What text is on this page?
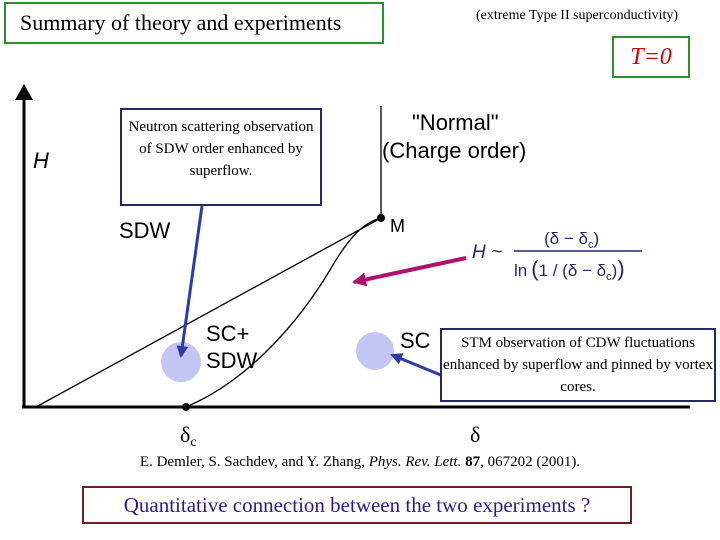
H
"Normal"
(Charge order)
SDW	M
SC+
SDW
SC
δc	δ
H ~
$(\delta - \delta_c)$
$\ln (1 / (\delta - \delta_c))$
Summary of theory and experiments	(extreme Type II superconductivity)
T=0
Neutron scattering observation of SDW order enhanced by superflow.
STM observation of CDW fluctuations enhanced by superflow and pinned by vortex cores.
E. Demler, S. Sachdev, and Y. Zhang, Phys. Rev. Lett. 87, 067202 (2001).
Quantitative connection between the two experiments ?
